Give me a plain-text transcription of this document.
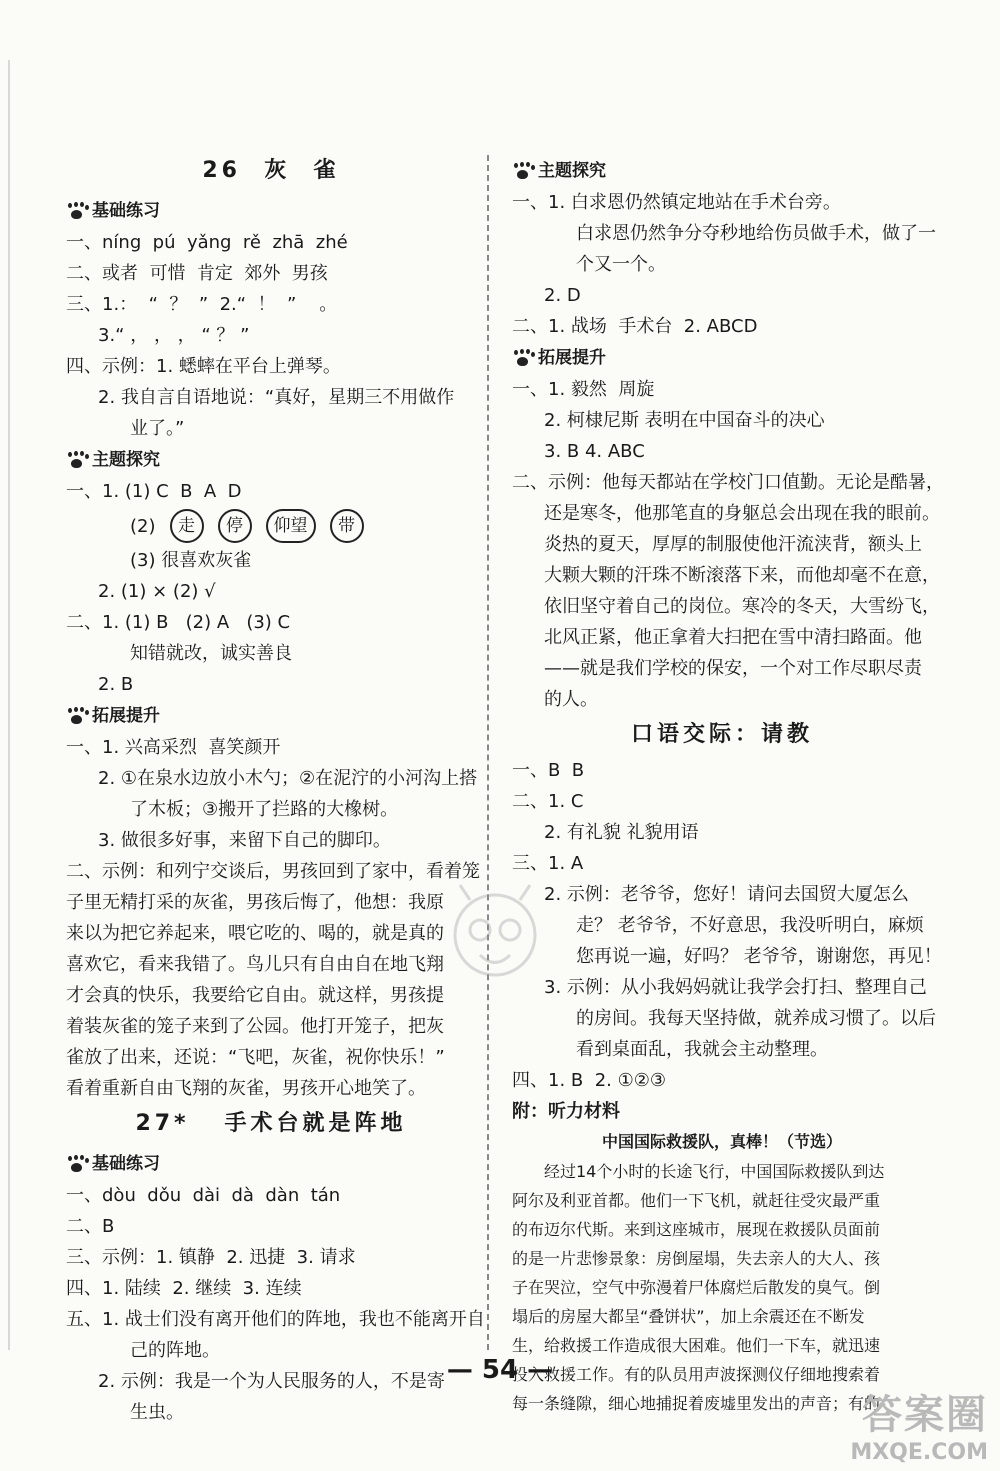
26  灰  雀
基础练习
一、 níng  pú  yǎng  rě  zhā  zhé
二、 或者  可惜  肯定  郊外  男孩
三、 1.：  “  ？  ”  2.“  ！  ”    。
3.“ ， ， ， “ ？ ”
四、 示例：1. 蟋蟀在平台上弹琴。
2. 我自言自语地说：“真好，星期三不用做作
业了。”
主题探究
一、 1. (1) C  B  A  D
(2)	走	停	仰望	带
(3) 很喜欢灰雀
2. (1) × (2) √
二、 1. (1) B   (2) A   (3) C
知错就改，诚实善良
2. B
拓展提升
一、 1. 兴高采烈  喜笑颜开
2. ①在泉水边放小木勺；②在泥泞的小河沟上搭
了木板；③搬开了拦路的大橡树。
3. 做很多好事，来留下自己的脚印。
二、 示例：和列宁交谈后，男孩回到了家中，看着笼
子里无精打采的灰雀，男孩后悔了，他想：我原
来以为把它养起来，喂它吃的、喝的，就是真的
喜欢它，看来我错了。鸟儿只有自由自在地飞翔
才会真的快乐，我要给它自由。就这样，男孩提
着装灰雀的笼子来到了公园。他打开笼子，把灰
雀放了出来，还说：“飞吧，灰雀，祝你快乐！”
看着重新自由飞翔的灰雀，男孩开心地笑了。
27*   手术台就是阵地
基础练习
一、 dòu  dǒu  dài  dà  dàn  tán
二、 B
三、 示例：1. 镇静  2. 迅捷  3. 请求
四、 1. 陆续  2. 继续  3. 连续
五、 1. 战士们没有离开他们的阵地，我也不能离开自
己的阵地。
2. 示例：我是一个为人民服务的人，不是寄
生虫。
主题探究
一、 1. 白求恩仍然镇定地站在手术台旁。
白求恩仍然争分夺秒地给伤员做手术，做了一
个又一个。
2. D
二、 1. 战场  手术台  2. ABCD
拓展提升
一、 1. 毅然  周旋
2. 柯棣尼斯 表明在中国奋斗的决心
3. B 4. ABC
二、 示例：他每天都站在学校门口值勤。无论是酷暑，
还是寒冬，他那笔直的身躯总会出现在我的眼前。
炎热的夏天，厚厚的制服使他汗流浃背，额头上
大颗大颗的汗珠不断滚落下来，而他却毫不在意，
依旧坚守着自己的岗位。寒冷的冬天，大雪纷飞，
北风正紧，他正拿着大扫把在雪中清扫路面。他
——就是我们学校的保安，一个对工作尽职尽责
的人。
口语交际：请教
一、 B  B
二、 1. C
2. 有礼貌 礼貌用语
三、 1. A
2. 示例：老爷爷，您好！请问去国贸大厦怎么
走？ 老爷爷，不好意思，我没听明白，麻烦
您再说一遍，好吗？ 老爷爷，谢谢您，再见！
3. 示例：从小我妈妈就让我学会打扫、整理自己
的房间。我每天坚持做，就养成习惯了。以后
看到桌面乱，我就会主动整理。
四、 1. B  2. ①②③
附： 听力材料
中国国际救援队，真棒！（节选）
经过14个小时的长途飞行，中国国际救援队到达
阿尔及利亚首都。他们一下飞机，就赶往受灾最严重
的布迈尔代斯。来到这座城市，展现在救援队员面前
的是一片悲惨景象：房倒屋塌，失去亲人的大人、孩
子在哭泣，空气中弥漫着尸体腐烂后散发的臭气。倒
塌后的房屋大都呈“叠饼状”，加上余震还在不断发
生，给救援工作造成很大困难。他们一下车，就迅速
投入救援工作。有的队员用声波探测仪仔细地搜索着
每一条缝隙，细心地捕捉着废墟里发出的声音；有的
— 54 —
答案圈
MXQE.COM
